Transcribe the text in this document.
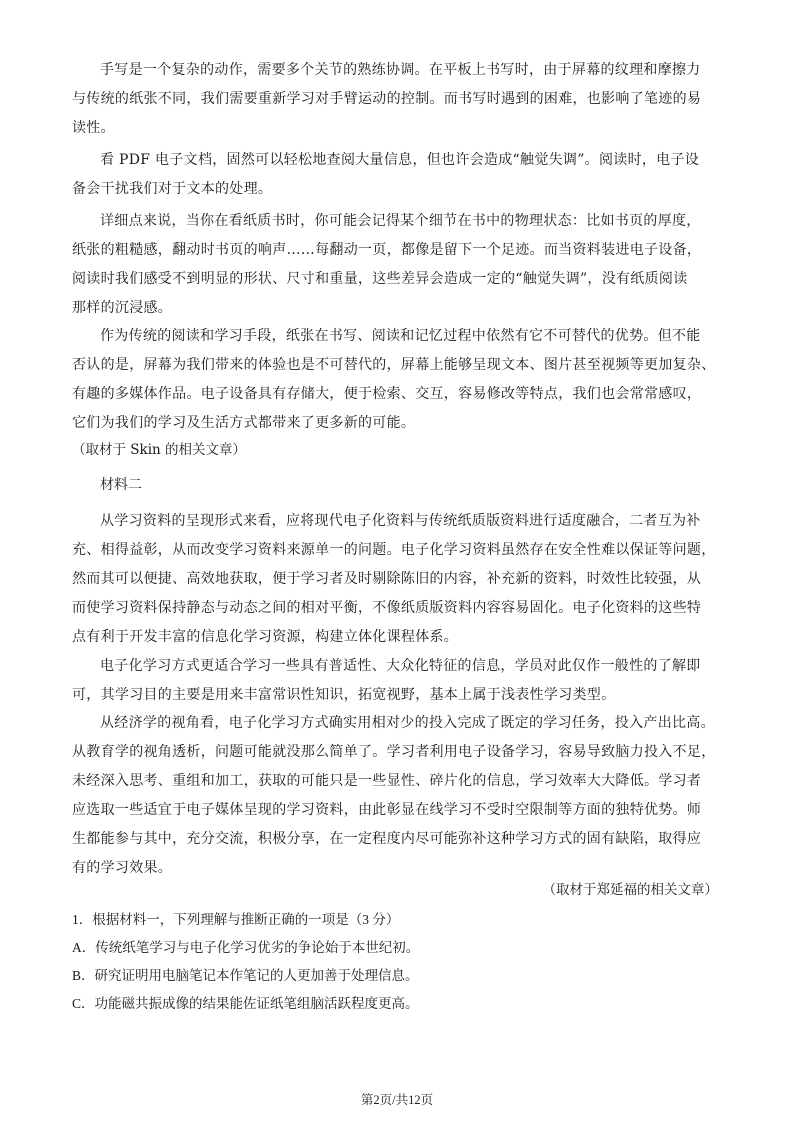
手写是一个复杂的动作，需要多个关节的熟练协调。在平板上书写时，由于屏幕的纹理和摩擦力
与传统的纸张不同，我们需要重新学习对手臂运动的控制。而书写时遇到的困难，也影响了笔迹的易
读性。
看 PDF 电子文档，固然可以轻松地查阅大量信息，但也许会造成“触觉失调”。阅读时，电子设
备会干扰我们对于文本的处理。
详细点来说，当你在看纸质书时，你可能会记得某个细节在书中的物理状态：比如书页的厚度，
纸张的粗糙感，翻动时书页的响声……每翻动一页，都像是留下一个足迹。而当资料装进电子设备，
阅读时我们感受不到明显的形状、尺寸和重量，这些差异会造成一定的“触觉失调”，没有纸质阅读
那样的沉浸感。
作为传统的阅读和学习手段，纸张在书写、阅读和记忆过程中依然有它不可替代的优势。但不能
否认的是，屏幕为我们带来的体验也是不可替代的，屏幕上能够呈现文本、图片甚至视频等更加复杂、
有趣的多媒体作品。电子设备具有存储大，便于检索、交互，容易修改等特点，我们也会常常感叹，
它们为我们的学习及生活方式都带来了更多新的可能。

（取材于 Skin 的相关文章）

材料二

从学习资料的呈现形式来看，应将现代电子化资料与传统纸质版资料进行适度融合，二者互为补
充、相得益彰，从而改变学习资料来源单一的问题。电子化学习资料虽然存在安全性难以保证等问题，
然而其可以便捷、高效地获取，便于学习者及时剔除陈旧的内容，补充新的资料，时效性比较强，从
而使学习资料保持静态与动态之间的相对平衡，不像纸质版资料内容容易固化。电子化资料的这些特
点有利于开发丰富的信息化学习资源，构建立体化课程体系。
电子化学习方式更适合学习一些具有普适性、大众化特征的信息，学员对此仅作一般性的了解即
可，其学习目的主要是用来丰富常识性知识，拓宽视野，基本上属于浅表性学习类型。
从经济学的视角看，电子化学习方式确实用相对少的投入完成了既定的学习任务，投入产出比高。
从教育学的视角透析，问题可能就没那么简单了。学习者利用电子设备学习，容易导致脑力投入不足，
未经深入思考、重组和加工，获取的可能只是一些显性、碎片化的信息，学习效率大大降低。学习者
应选取一些适宜于电子媒体呈现的学习资料，由此彰显在线学习不受时空限制等方面的独特优势。师
生都能参与其中，充分交流，积极分享，在一定程度内尽可能弥补这种学习方式的固有缺陷，取得应
有的学习效果。

（取材于郑延福的相关文章）

1．根据材料一，下列理解与推断正确的一项是（3 分）

A．传统纸笔学习与电子化学习优劣的争论始于本世纪初。

B．研究证明用电脑笔记本作笔记的人更加善于处理信息。

C．功能磁共振成像的结果能佐证纸笔组脑活跃程度更高。

第2页/共12页
